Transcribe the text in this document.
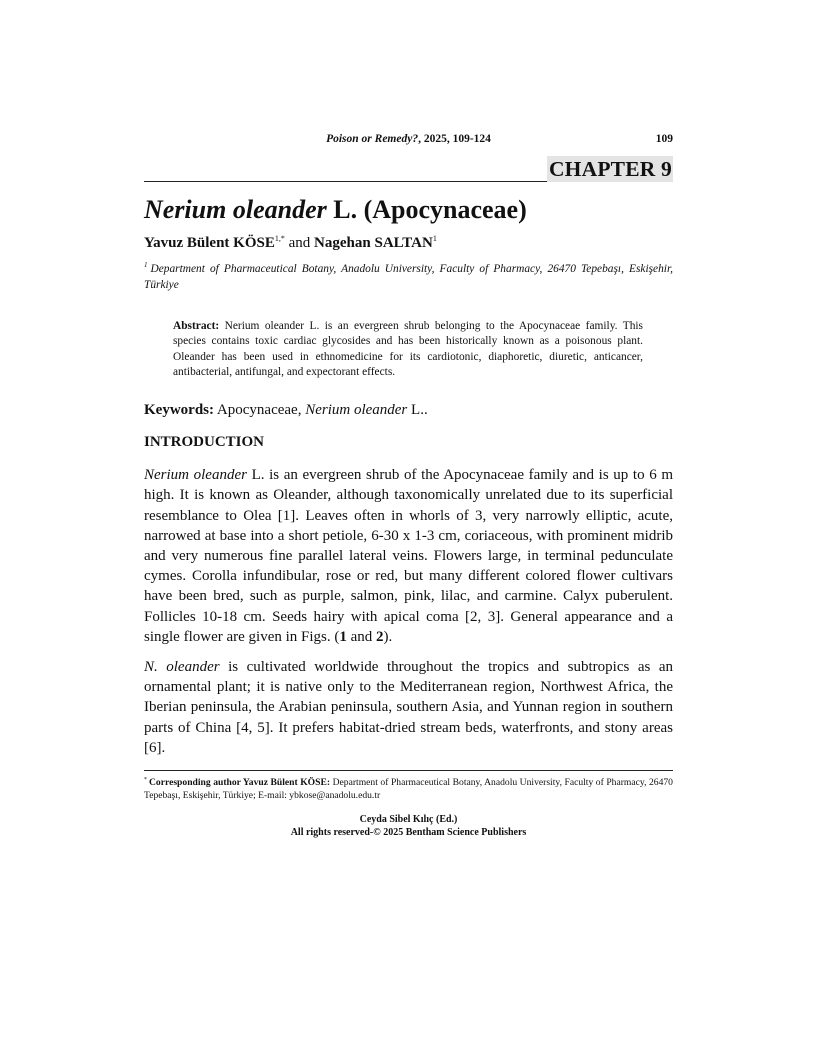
Poison or Remedy?, 2025, 109-124	109
CHAPTER 9
Nerium oleander L. (Apocynaceae)
Yavuz Bülent $KÖSE^{1,*}$ and Nagehan SALTAN$^1$
$^1$ Department of Pharmaceutical Botany, Anadolu University, Faculty of Pharmacy, 26470 Tepebaşı, Eskişehir, Türkiye
Abstract: Nerium oleander L. is an evergreen shrub belonging to the Apocynaceae family. This species contains toxic cardiac glycosides and has been historically known as a poisonous plant. Oleander has been used in ethnomedicine for its cardiotonic, diaphoretic, diuretic, anticancer, antibacterial, antifungal, and expectorant effects.
Keywords: Apocynaceae, Nerium oleander L..
INTRODUCTION
Nerium oleander L. is an evergreen shrub of the Apocynaceae family and is up to 6 m high. It is known as Oleander, although taxonomically unrelated due to its superficial resemblance to Olea [1]. Leaves often in whorls of 3, very narrowly elliptic, acute, narrowed at base into a short petiole, 6-30 x 1-3 cm, coriaceous, with prominent midrib and very numerous fine parallel lateral veins. Flowers large, in terminal pedunculate cymes. Corolla infundibular, rose or red, but many different colored flower cultivars have been bred, such as purple, salmon, pink, lilac, and carmine. Calyx puberulent. Follicles 10-18 cm. Seeds hairy with apical coma [2, 3]. General appearance and a single flower are given in Figs. (1 and 2).
N. oleander is cultivated worldwide throughout the tropics and subtropics as an ornamental plant; it is native only to the Mediterranean region, Northwest Africa, the Iberian peninsula, the Arabian peninsula, southern Asia, and Yunnan region in southern parts of China [4, 5]. It prefers habitat-dried stream beds, waterfronts, and stony areas [6].
* Corresponding author Yavuz Bülent KÖSE: Department of Pharmaceutical Botany, Anadolu University, Faculty of Pharmacy, 26470 Tepebaşı, Eskişehir, Türkiye; E-mail: ybkose@anadolu.edu.tr
Ceyda Sibel Kılıç (Ed.)
All rights reserved-© 2025 Bentham Science Publishers
